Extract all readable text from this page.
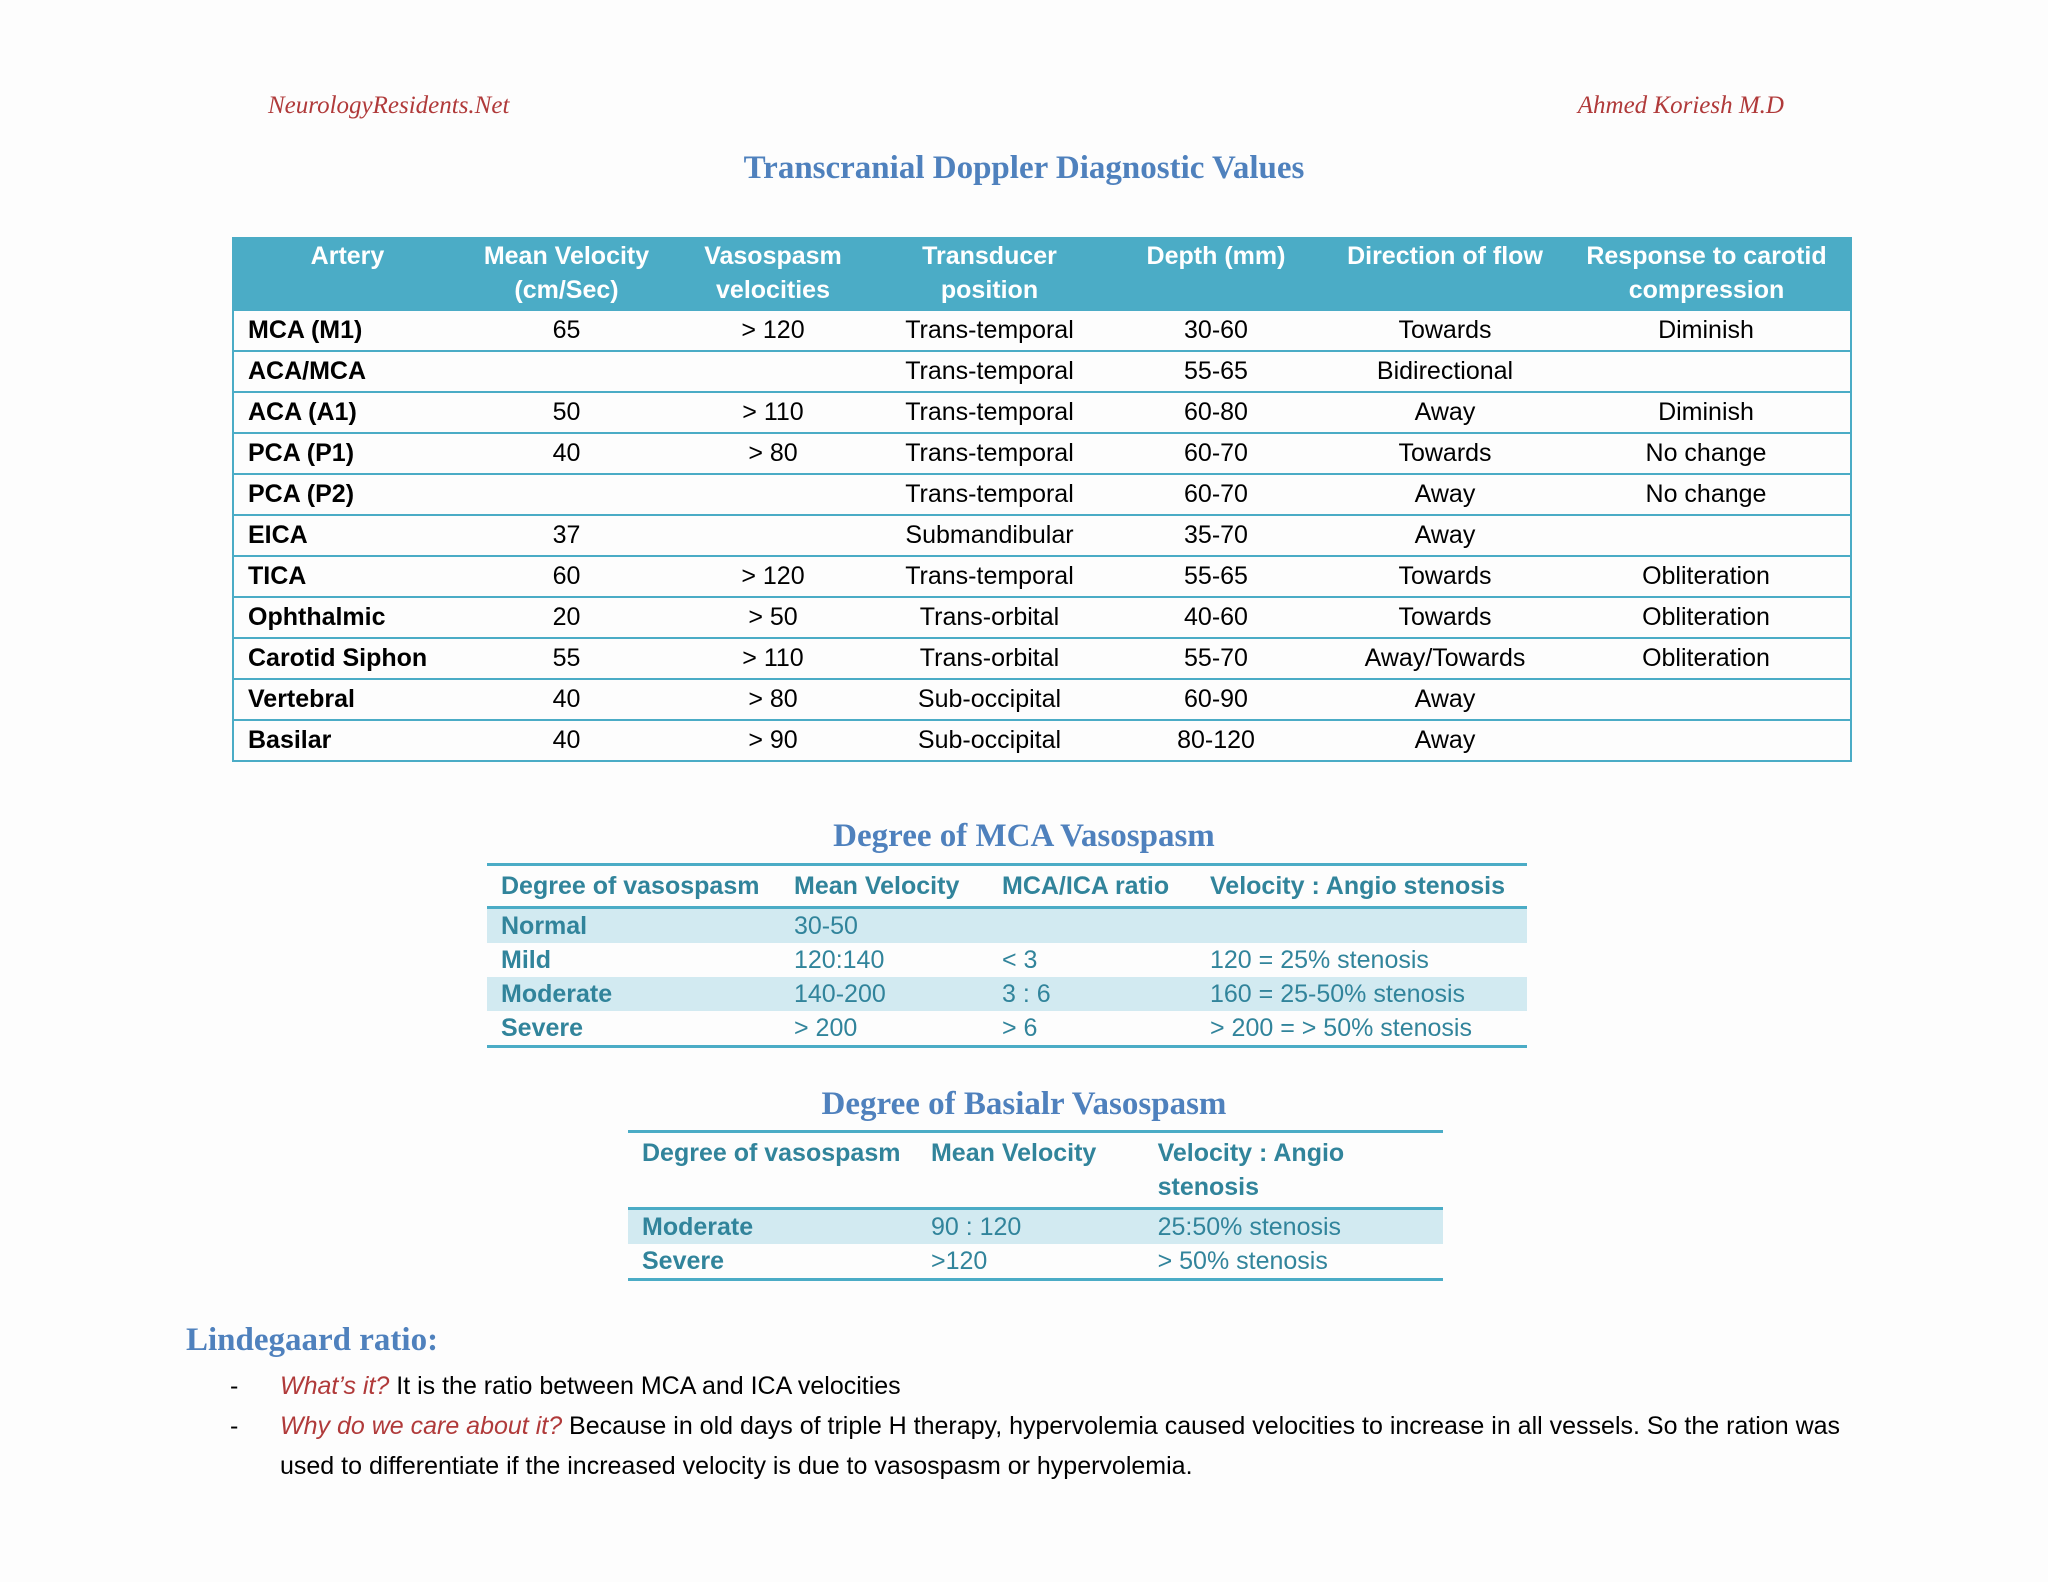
NeurologyResidents.Net	Ahmed Koriesh M.D
Transcranial Doppler Diagnostic Values
Artery	Mean Velocity (cm/Sec)	Vasospasm velocities	Transducer position	Depth (mm)	Direction of flow	Response to carotid compression
MCA (M1)	65	> 120	Trans-temporal	30-60	Towards	Diminish
ACA/MCA			Trans-temporal	55-65	Bidirectional	
ACA (A1)	50	> 110	Trans-temporal	60-80	Away	Diminish
PCA (P1)	40	> 80	Trans-temporal	60-70	Towards	No change
PCA (P2)			Trans-temporal	60-70	Away	No change
EICA	37		Submandibular	35-70	Away	
TICA	60	> 120	Trans-temporal	55-65	Towards	Obliteration
Ophthalmic	20	> 50	Trans-orbital	40-60	Towards	Obliteration
Carotid Siphon	55	> 110	Trans-orbital	55-70	Away/Towards	Obliteration
Vertebral	40	> 80	Sub-occipital	60-90	Away	
Basilar	40	> 90	Sub-occipital	80-120	Away	
Degree of MCA Vasospasm
Degree of vasospasm	Mean Velocity	MCA/ICA ratio	Velocity : Angio stenosis
Normal	30-50		
Mild	120:140	< 3	120 = 25% stenosis
Moderate	140-200	3 : 6	160 = 25-50% stenosis
Severe	> 200	> 6	> 200 = > 50% stenosis
Degree of Basialr Vasospasm
Degree of vasospasm	Mean Velocity	Velocity : Angio stenosis
Moderate	90 : 120	25:50% stenosis
Severe	>120	> 50% stenosis
Lindegaard ratio:
- What’s it? It is the ratio between MCA and ICA velocities
- Why do we care about it? Because in old days of triple H therapy, hypervolemia caused velocities to increase in all vessels. So the ration was used to differentiate if the increased velocity is due to vasospasm or hypervolemia.
